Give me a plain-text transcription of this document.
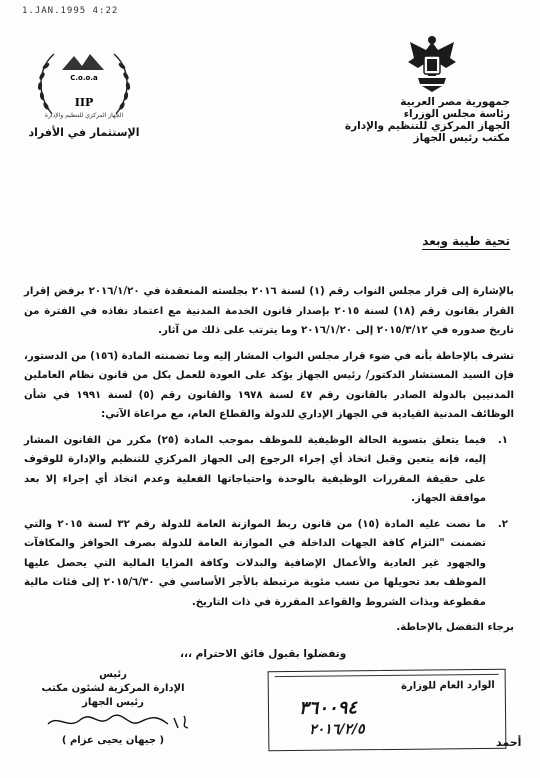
1.JAN.1995 4:22
C.o.o.a
IIP
الجهاز المركزي للتنظيم والإدارة
الإستثمار في الأفراد
جمهورية مصر العربية
رئاسة مجلس الوزراء
الجهاز المركزي للتنظيم والإدارة
مكتب رئيس الجهاز
تحية طيبة وبعد

بالإشارة إلى قرار مجلس النواب رقم (١) لسنة ٢٠١٦ بجلسته المنعقدة في ٢٠١٦/١/٢٠ برفض إقرار القرار بقانون رقم (١٨) لسنة ٢٠١٥ بإصدار قانون الخدمة المدنية مع اعتماد نفاذه في الفترة من تاريخ صدوره في ٢٠١٥/٣/١٢ إلى ٢٠١٦/١/٢٠ وما يترتب على ذلك من آثار.

تشرف بالإحاطة بأنه في ضوء قرار مجلس النواب المشار إليه وما تضمنته المادة (١٥٦) من الدستور، فإن السيد المستشار الدكتور/ رئيس الجهاز يؤكد على العودة للعمل بكل من قانون نظام العاملين المدنيين بالدولة الصادر بالقانون رقم ٤٧ لسنة ١٩٧٨ والقانون رقم (٥) لسنة ١٩٩١ في شأن الوظائف المدنية القيادية في الجهاز الإداري للدولة والقطاع العام، مع مراعاة الآتي:

١.
فيما يتعلق بتسوية الحالة الوظيفية للموظف بموجب المادة (٢٥) مكرر من القانون المشار إليه، فإنه يتعين وقبل اتخاذ أي إجراء الرجوع إلى الجهاز المركزي للتنظيم والإدارة للوقوف على حقيقة المقررات الوظيفية بالوحدة واحتياجاتها الفعلية وعدم اتخاذ أي إجراء إلا بعد موافقة الجهاز.
٢.
ما نصت عليه المادة (١٥) من قانون ربط الموازنة العامة للدولة رقم ٣٢ لسنة ٢٠١٥ والتي تضمنت "التزام كافة الجهات الداخلة في الموازنة العامة للدولة بصرف الحوافز والمكافآت والجهود غير العادية والأعمال الإضافية والبدلات وكافة المزايا المالية التي يحصل عليها الموظف بعد تحويلها من نسب مئوية مرتبطة بالأجر الأساسي في ٢٠١٥/٦/٣٠ إلى فئات مالية مقطوعة وبذات الشروط والقواعد المقررة في ذات التاريخ.

برجاء التفضل بالإحاطة.

وتفضلوا بقبول فائق الاحترام ،،،
رئيس
الإدارة المركزية لشئون مكتب رئيس الجهاز
( جيهان يحيى عزام )
الوارد العام للوزارة
٣٦٠٠٩٤
٢٠١٦/٢/٥
أحمد
